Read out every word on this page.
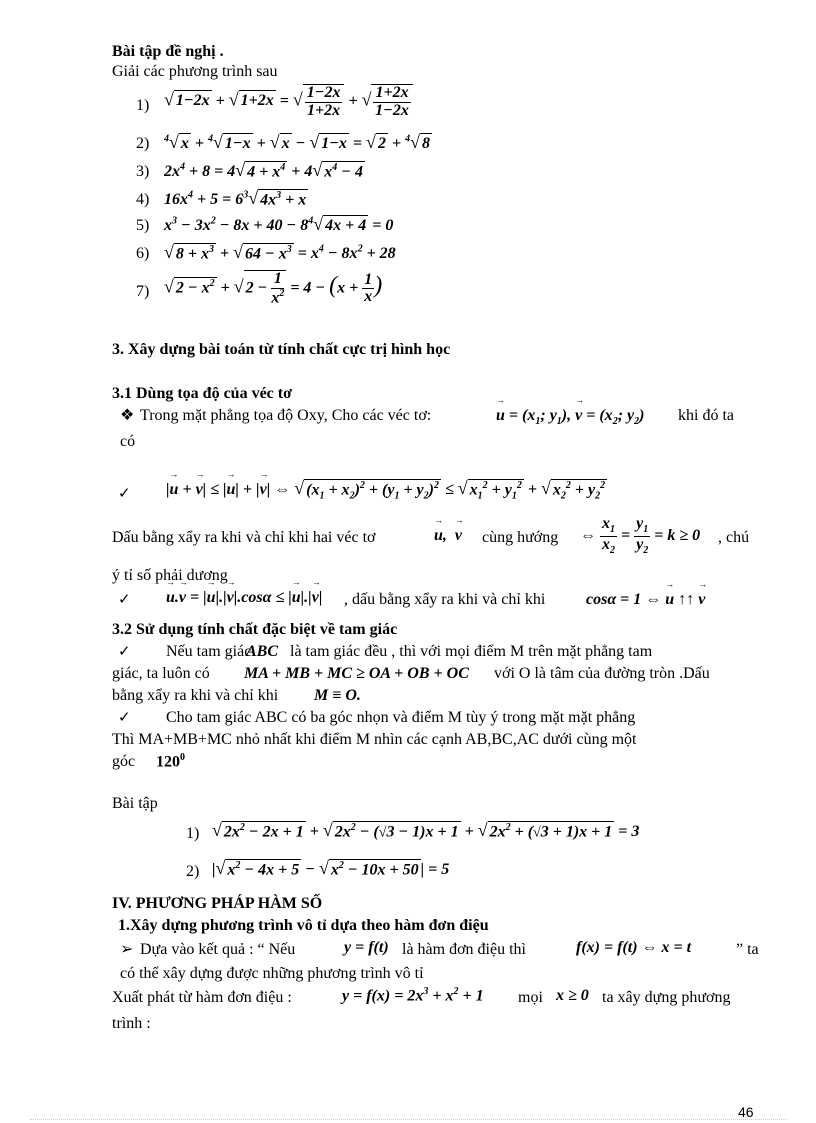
Bài tập đề nghị .
Giải các phương trình sau
1) √ 1−2x + √ 1+2x = √ $\frac{1-2x}{1+2x}$ + √ $\frac{1+2x}{1-2x}$
2) $^4$√ x + $^4$√ 1−x + √ x − √ 1−x = √ 2 + $^4$√ 8
3) $2x^4 + 8 = 4√$ $4 + x^4 + 4√$ $x^4 - 4$
4) $16x^4 + 5 = 6^3√$ $4x^3 + x$
5) $x^3 - 3x^2 - 8x + 40 - 8^4√$ 4x + 4 = 0
6) √ $8 + x^3$ + √ $64 - x^3 = x^4 - 8x^2 + 28$
7) √ $2 - x^2$ + √ $2 - \frac{1}{x^2} = 4 - (x + \frac{1}{x}$ )
3. Xây dựng bài toán từ tính chất cực trị hình học
3.1 Dùng tọa độ của véc tơ
❖ Trong mặt phẳng tọa độ Oxy, Cho các véc tơ:	→ $u = (x_1$; $y_1$), → $v = (x_2$; $y_2$) khi đó ta
có
✓ |→ u + → v| ≤ |→ u| + |→ v| ⇔ √ $(x_1 + x_2)^2 + (y_1 + y_2)^2$ ≤ √ $x_1^2 + y_1^2$ + √ $x_2^2 + y_2^2$
Dấu bằng xẩy ra khi và chỉ khi hai véc tơ	→ u,  → v cùng hướng ⇔ $\frac{x_1}{x_2} = \frac{y_1}{y_2} = k \ge 0$ , chú
ý tỉ số phải dương
✓ → u.→ v = |→ u|.|→ v|.cosα ≤ |→ u|.|→ v| , dấu bằng xẩy ra khi và chỉ khi	cosα = 1 ⇔ → u ↑↑ → v
3.2 Sử dụng tính chất đặc biệt về tam giác
✓ Nếu tam giác
ABC là tam giác đều , thì với mọi điểm M trên mặt phẳng tam
giác, ta luôn có MA + MB + MC ≥ OA + OB + OC với O là tâm của đường tròn .Dấu
bằng xẩy ra khi và chỉ khi M ≡ O.
✓ Cho tam giác ABC có ba góc nhọn và điểm M tùy ý trong mặt mặt phẳng
Thì MA+MB+MC nhỏ nhất khi điểm M nhìn các cạnh AB,BC,AC dưới cùng một
góc $120^0$
Bài tập
1) √ $2x^2 - 2x + 1$ + √ $2x^2 - (√3 - 1)x + 1$ + √ $2x^2 + (√3 + 1)x + 1 = 3$
2) |√ $x^2 - 4x + 5$ − √ $x^2 - 10x + 50$ | = 5
IV. PHƯƠNG PHÁP HÀM SỐ
1.Xây dựng phương trình vô tỉ dựa theo hàm đơn điệu
➢ Dựa vào kết quả : “ Nếu	y = f(t) là hàm đơn điệu thì	f(x) = f(t) ⇔ x = t	” ta
có thể xây dựng được những phương trình vô tỉ
Xuất phát từ hàm đơn điệu :	$y = f(x) = 2x^3 + x^2 + 1$ mọi x ≥ 0 ta xây dựng phương
trình :
46
